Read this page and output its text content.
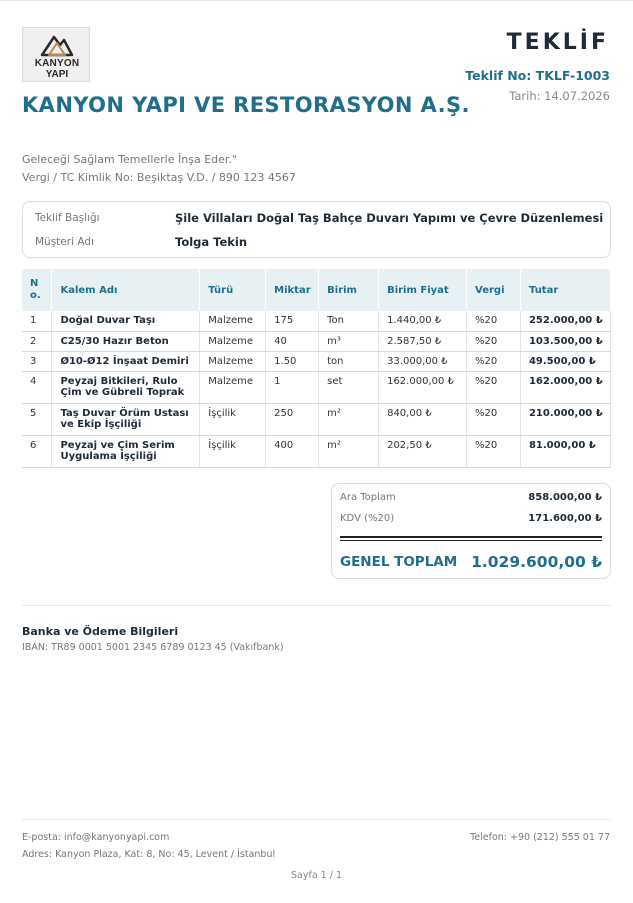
KANYON
YAPI
TEKLİF
Teklif No: TKLF-1003
Tarih: 14.07.2026
KANYON YAPI VE RESTORASYON A.Ş.
Geleceği Sağlam Temellerle İnşa Eder."
Vergi / TC Kimlik No: Beşiktaş V.D. / 890 123 4567
Teklif Başlığı	Şile Villaları Doğal Taş Bahçe Duvarı Yapımı ve Çevre Düzenlemesi
Müşteri Adı	Tolga Tekin
N o.	Kalem Adı	Türü	Miktar	Birim	Birim Fiyat	Vergi	Tutar
1	Doğal Duvar Taşı	Malzeme	175	Ton	1.440,00 ₺	%20	252.000,00 ₺
2	C25/30 Hazır Beton	Malzeme	40	m³	2.587,50 ₺	%20	103.500,00 ₺
3	Ø10-Ø12 İnşaat Demiri	Malzeme	1.50	ton	33.000,00 ₺	%20	49.500,00 ₺
4	Peyzaj Bitkileri, Rulo Çim ve Gübreli Toprak	Malzeme	1	set	162.000,00 ₺	%20	162.000,00 ₺
5	Taş Duvar Örüm Ustası ve Ekip İşçiliği	İşçilik	250	m²	840,00 ₺	%20	210.000,00 ₺
6	Peyzaj ve Çim Serim Uygulama İşçiliği	İşçilik	400	m²	202,50 ₺	%20	81.000,00 ₺
Ara Toplam	858.000,00 ₺
KDV (%20)	171.600,00 ₺
GENEL TOPLAM 1.029.600,00 ₺
Banka ve Ödeme Bilgileri
IBAN: TR89 0001 5001 2345 6789 0123 45 (Vakıfbank)
E-posta: info@kanyonyapi.com
Adres: Kanyon Plaza, Kat: 8, No: 45, Levent / İstanbul
Telefon: +90 (212) 555 01 77
Sayfa 1 / 1
